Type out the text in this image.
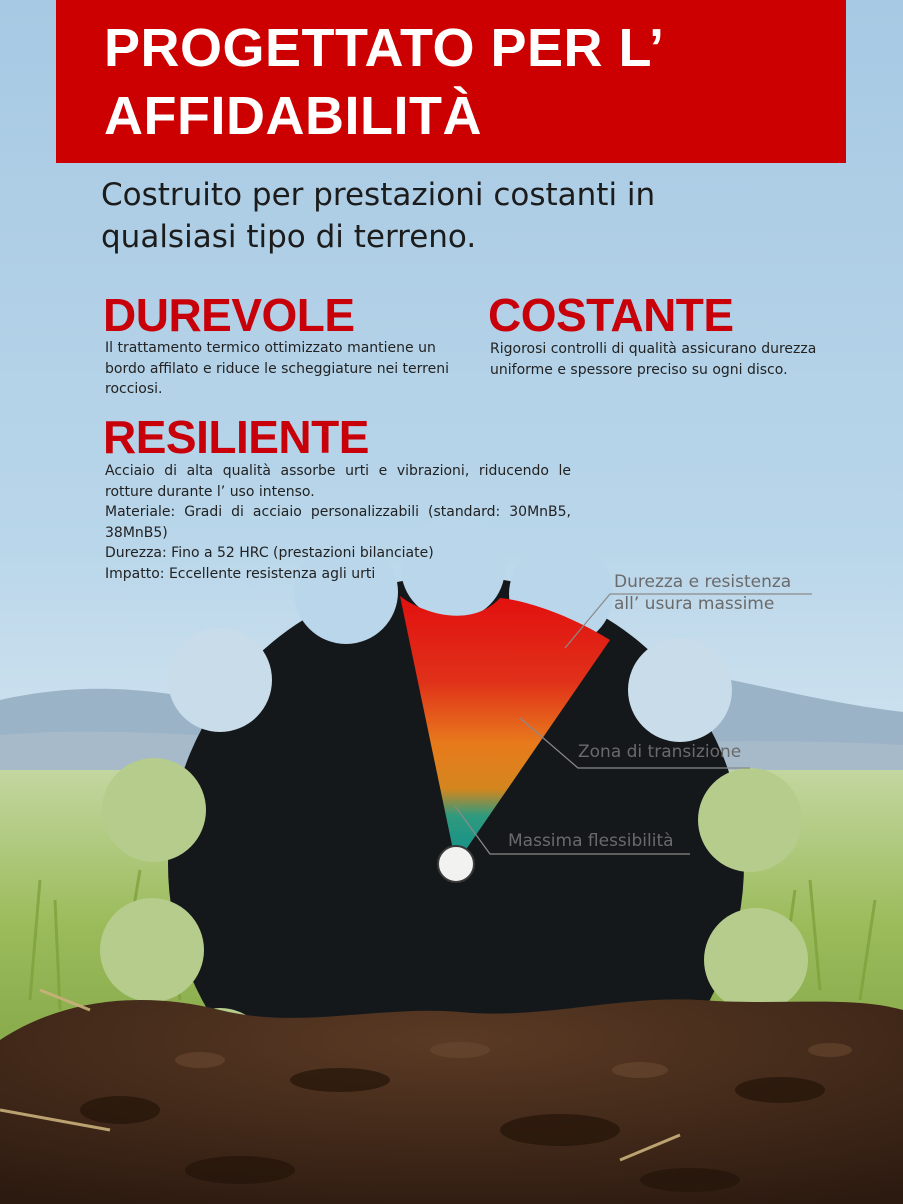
PROGETTATO PER L’ AFFIDABILITÀ

Costruito per prestazioni costanti in qualsiasi tipo di terreno.

DUREVOLE

Il trattamento termico ottimizzato mantiene un bordo affilato e riduce le scheggiature nei terreni rocciosi.

COSTANTE

Rigorosi controlli di qualità assicurano durezza uniforme e spessore preciso su ogni disco.

RESILIENTE

Acciaio di alta qualità assorbe urti e vibrazioni, riducendo le rotture durante l’ uso intenso.

Materiale: Gradi di acciaio personalizzabili (standard: 30MnB5, 38MnB5)

Durezza: Fino a 52 HRC (prestazioni bilanciate)

Impatto: Eccellente resistenza agli urti	Durezza e resistenza all’ usura massime

Zona di transizione

Massima flessibilità
